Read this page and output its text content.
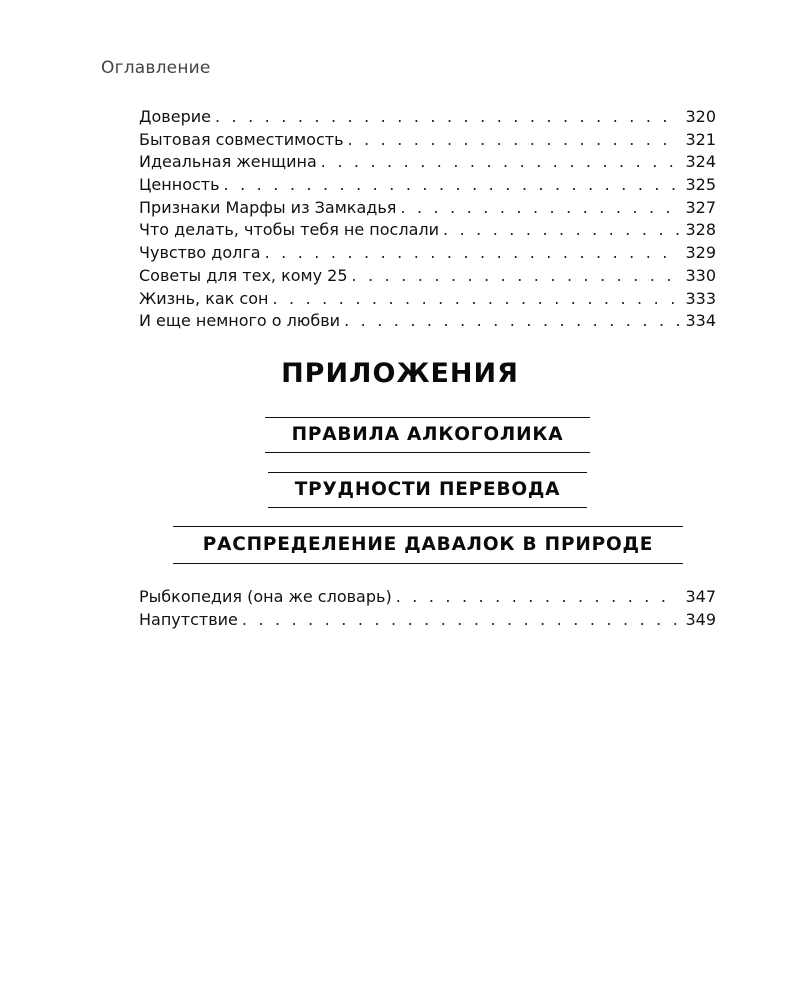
Оглавление
Доверие . . .	320
Бытовая совместимость . . .	321
Идеальная женщина . . .	324
Ценность . . .	325
Признаки Марфы из Замкадья . . .	327
Что делать, чтобы тебя не послали . . .	328
Чувство долга . . .	329
Советы для тех, кому 25 . . .	330
Жизнь, как сон . . .	333
И еще немного о любви . . .	334
ПРИЛОЖЕНИЯ
ПРАВИЛА АЛКОГОЛИКА
ТРУДНОСТИ ПЕРЕВОДА
РАСПРЕДЕЛЕНИЕ ДАВАЛОК В ПРИРОДЕ
Рыбкопедия (она же словарь) . . .	347
Напутствие . . .	349
